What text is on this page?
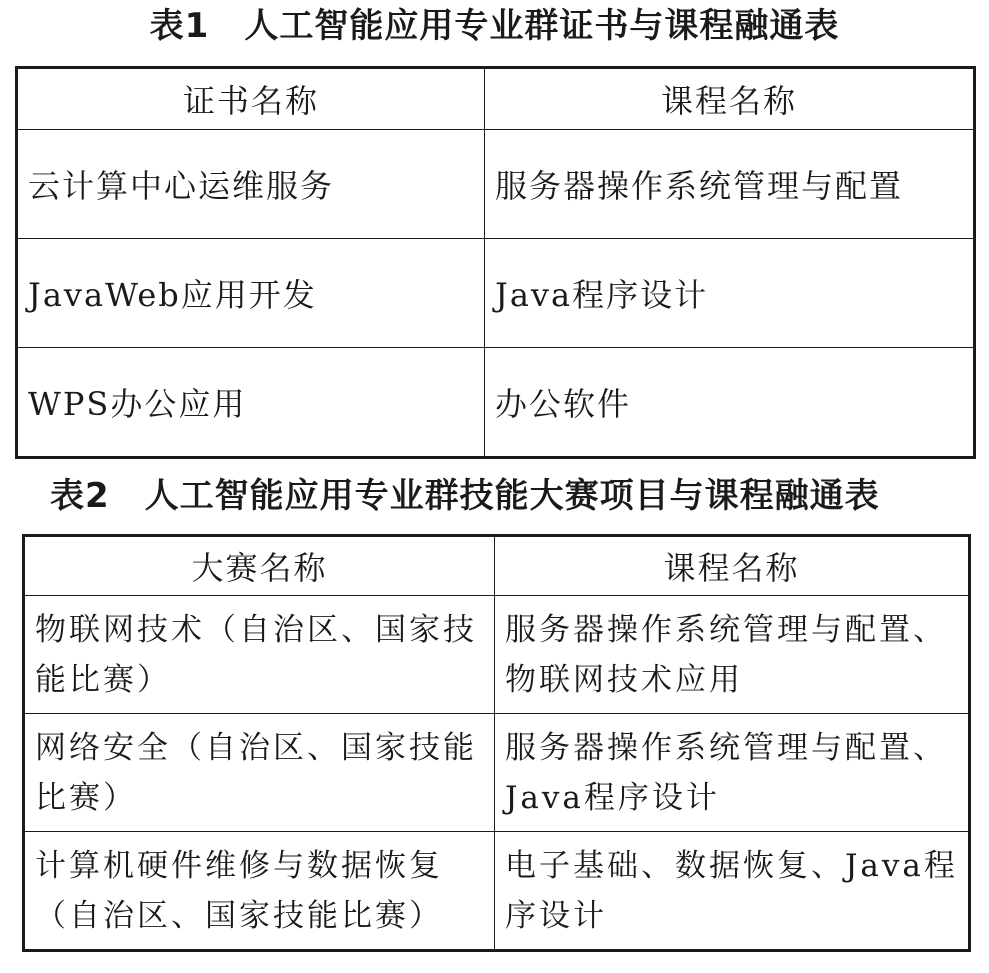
表1　人工智能应用专业群证书与课程融通表
证书名称	课程名称
云计算中心运维服务	服务器操作系统管理与配置
JavaWeb应用开发	Java程序设计
WPS办公应用	办公软件
表2　人工智能应用专业群技能大赛项目与课程融通表
大赛名称	课程名称
物联网技术（自治区、国家技能比赛）	服务器操作系统管理与配置、物联网技术应用
网络安全（自治区、国家技能比赛）	服务器操作系统管理与配置、Java程序设计
计算机硬件维修与数据恢复（自治区、国家技能比赛）	电子基础、数据恢复、Java程序设计
